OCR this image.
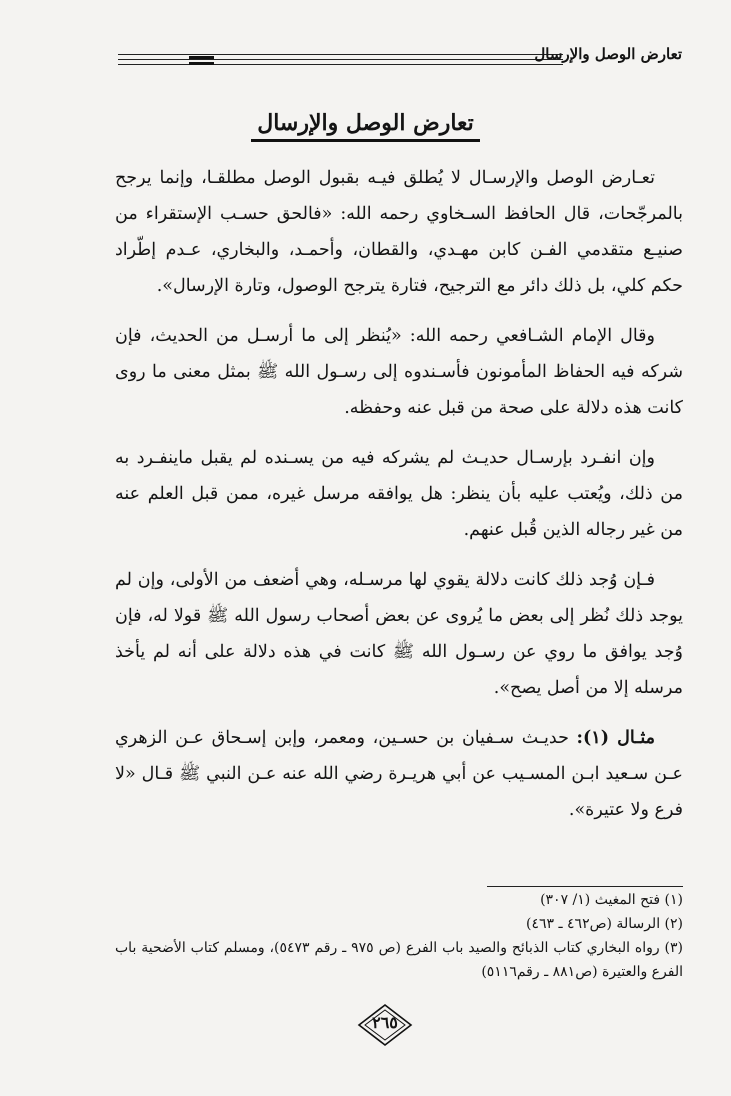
تعارض الوصل والإرسال
تعارض الوصل والإرسال

تعـارض الوصل والإرسـال لا يُطلق فيـه بقبول الوصل مطلقـا، وإنما يرجح بالمرجّحات، قال الحافظ السـخاوي رحمه الله: «فالحق حسـب الإستقراء من صنيـع متقدمي الفـن كابن مهـدي، والقطان، وأحمـد، والبخاري، عـدم إطّراد حكم كلي، بل ذلك دائر مع الترجيح، فتارة يترجح الوصول، وتارة الإرسال».

وقال الإمام الشـافعي رحمه الله: «يُنظر إلى ما أرسـل من الحديث، فإن شركه فيه الحفاظ المأمونون فأسـندوه إلى رسـول الله ﷺ بمثل معنى ما روى كانت هذه دلالة على صحة من قبل عنه وحفظه.

وإن انفـرد بإرسـال حديـث لم يشركه فيه من يسـنده لم يقبل ماينفـرد به من ذلك، ويُعتب عليه بأن ينظر: هل يوافقه مرسل غيره، ممن قبل العلم عنه من غير رجاله الذين قُبل عنهم.

فـإن وُجد ذلك كانت دلالة يقوي لها مرسـله، وهي أضعف من الأولى، وإن لم يوجد ذلك نُظر إلى بعض ما يُروى عن بعض أصحاب رسول الله ﷺ قولا له، فإن وُجد يوافق ما روي عن رسـول الله ﷺ كانت في هذه دلالة على أنه لم يأخذ مرسله إلا من أصل يصح».

مثـال (١): حديـث سـفيان بن حسـين، ومعمر، وإبن إسـحاق عـن الزهري عـن سـعيد ابـن المسـيب عن أبي هريـرة رضي الله عنه عـن النبي ﷺ قـال «لا فرع ولا عتيرة».

(١) فتح المغيث (١/ ٣٠٧)

(٢) الرسالة (ص٤٦٢ ـ ٤٦٣)

(٣) رواه البخاري كتاب الذبائح والصيد باب الفرع (ص ٩٧٥ ـ رقم ٥٤٧٣)، ومسلم كتاب الأضحية باب الفرع والعتيرة (ص٨٨١ ـ رقم٥١١٦)

٢٦٥
